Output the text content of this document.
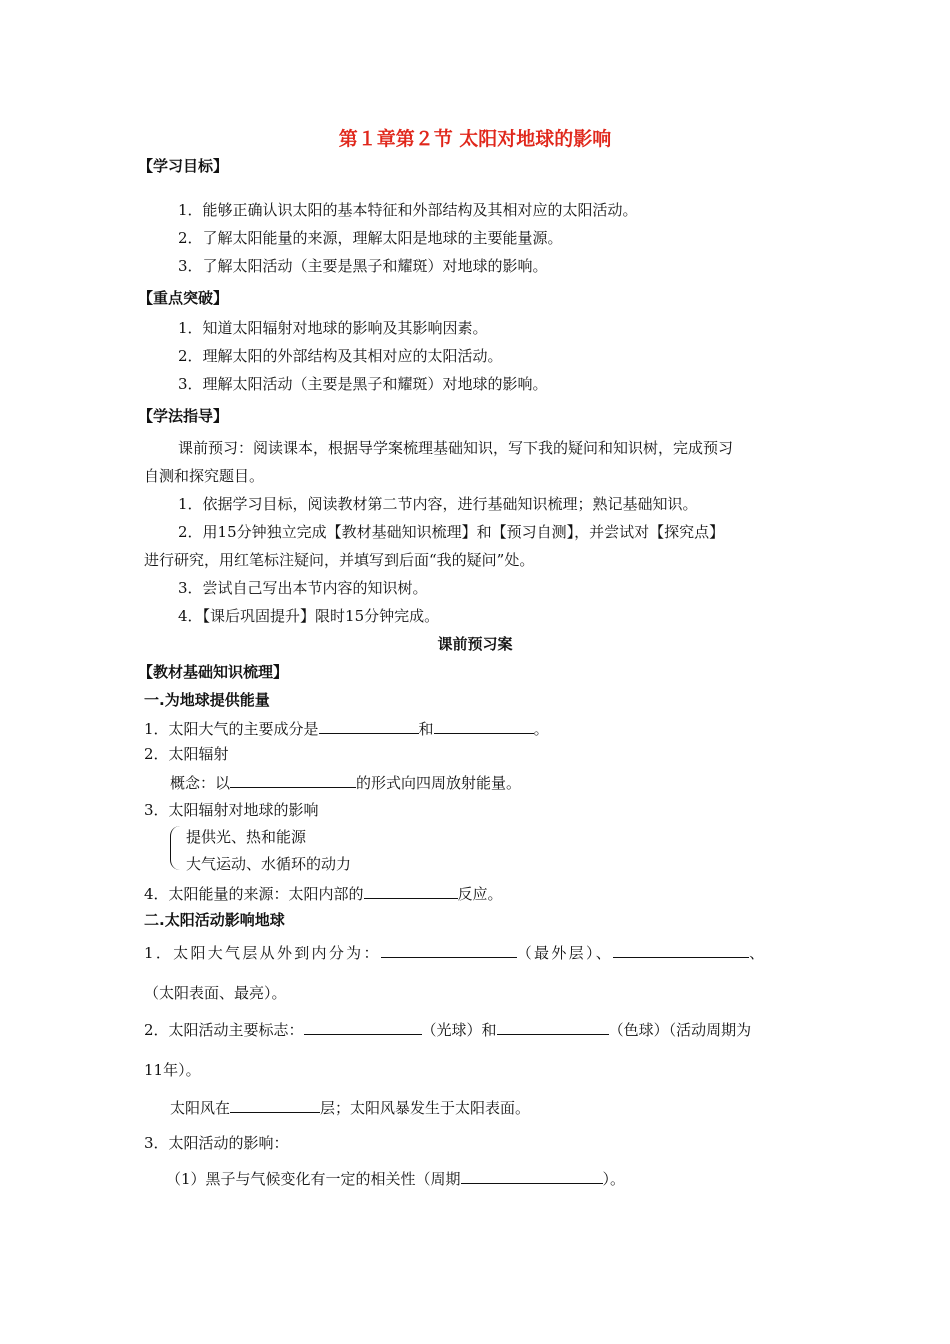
第１章第２节 太阳对地球的影响
【学习目标】
1．能够正确认识太阳的基本特征和外部结构及其相对应的太阳活动。
2．了解太阳能量的来源，理解太阳是地球的主要能量源。
3．了解太阳活动（主要是黑子和耀斑）对地球的影响。
【重点突破】
1．知道太阳辐射对地球的影响及其影响因素。
2．理解太阳的外部结构及其相对应的太阳活动。
3．理解太阳活动（主要是黑子和耀斑）对地球的影响。
【学法指导】
课前预习：阅读课本，根据导学案梳理基础知识，写下我的疑问和知识树，完成预习
自测和探究题目。
1．依据学习目标，阅读教材第二节内容，进行基础知识梳理；熟记基础知识。
2．用15分钟独立完成【教材基础知识梳理】和【预习自测】，并尝试对【探究点】
进行研究，用红笔标注疑问，并填写到后面“我的疑问”处。
3．尝试自己写出本节内容的知识树。
4．【课后巩固提升】限时15分钟完成。
课前预习案
【教材基础知识梳理】
一.为地球提供能量
1．太阳大气的主要成分是	和	。
2．太阳辐射
概念：以	的形式向四周放射能量。
3．太阳辐射对地球的影响
提供光、热和能源
大气运动、水循环的动力
4．太阳能量的来源：太阳内部的	反应。
二.太阳活动影响地球
1．太阳大气层从外到内分为：	（最外层）、	、
（太阳表面、最亮）。
2．太阳活动主要标志：	（光球）和	（色球）（活动周期为
11年）。
太阳风在	层；太阳风暴发生于太阳表面。
3．太阳活动的影响：
（1）黑子与气候变化有一定的相关性（周期	）。
